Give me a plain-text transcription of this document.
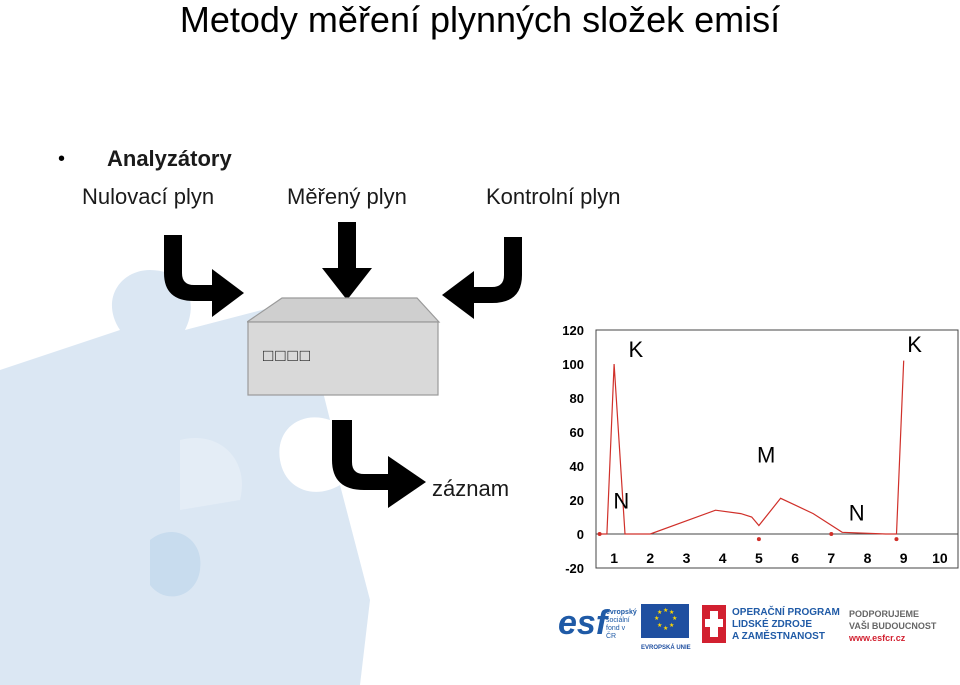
Metody měření plynných složek emisí
• Analyzátory
Nulovací plyn	Měřený plyn	Kontrolní plyn
□□□□
záznam
120
100
80
60
40
20
0
-20
1 2 3 4 5 6 7 8 9 10
K	K
M
N	N
esf
evropský
sociální
fond v ČR
★ ★
★
★
★
★
★
★
EVROPSKÁ UNIE
OPERAČNÍ PROGRAM
LIDSKÉ ZDROJE
A ZAMĚSTNANOST
PODPORUJEME
VAŠI BUDOUCNOST
www.esfcr.cz
